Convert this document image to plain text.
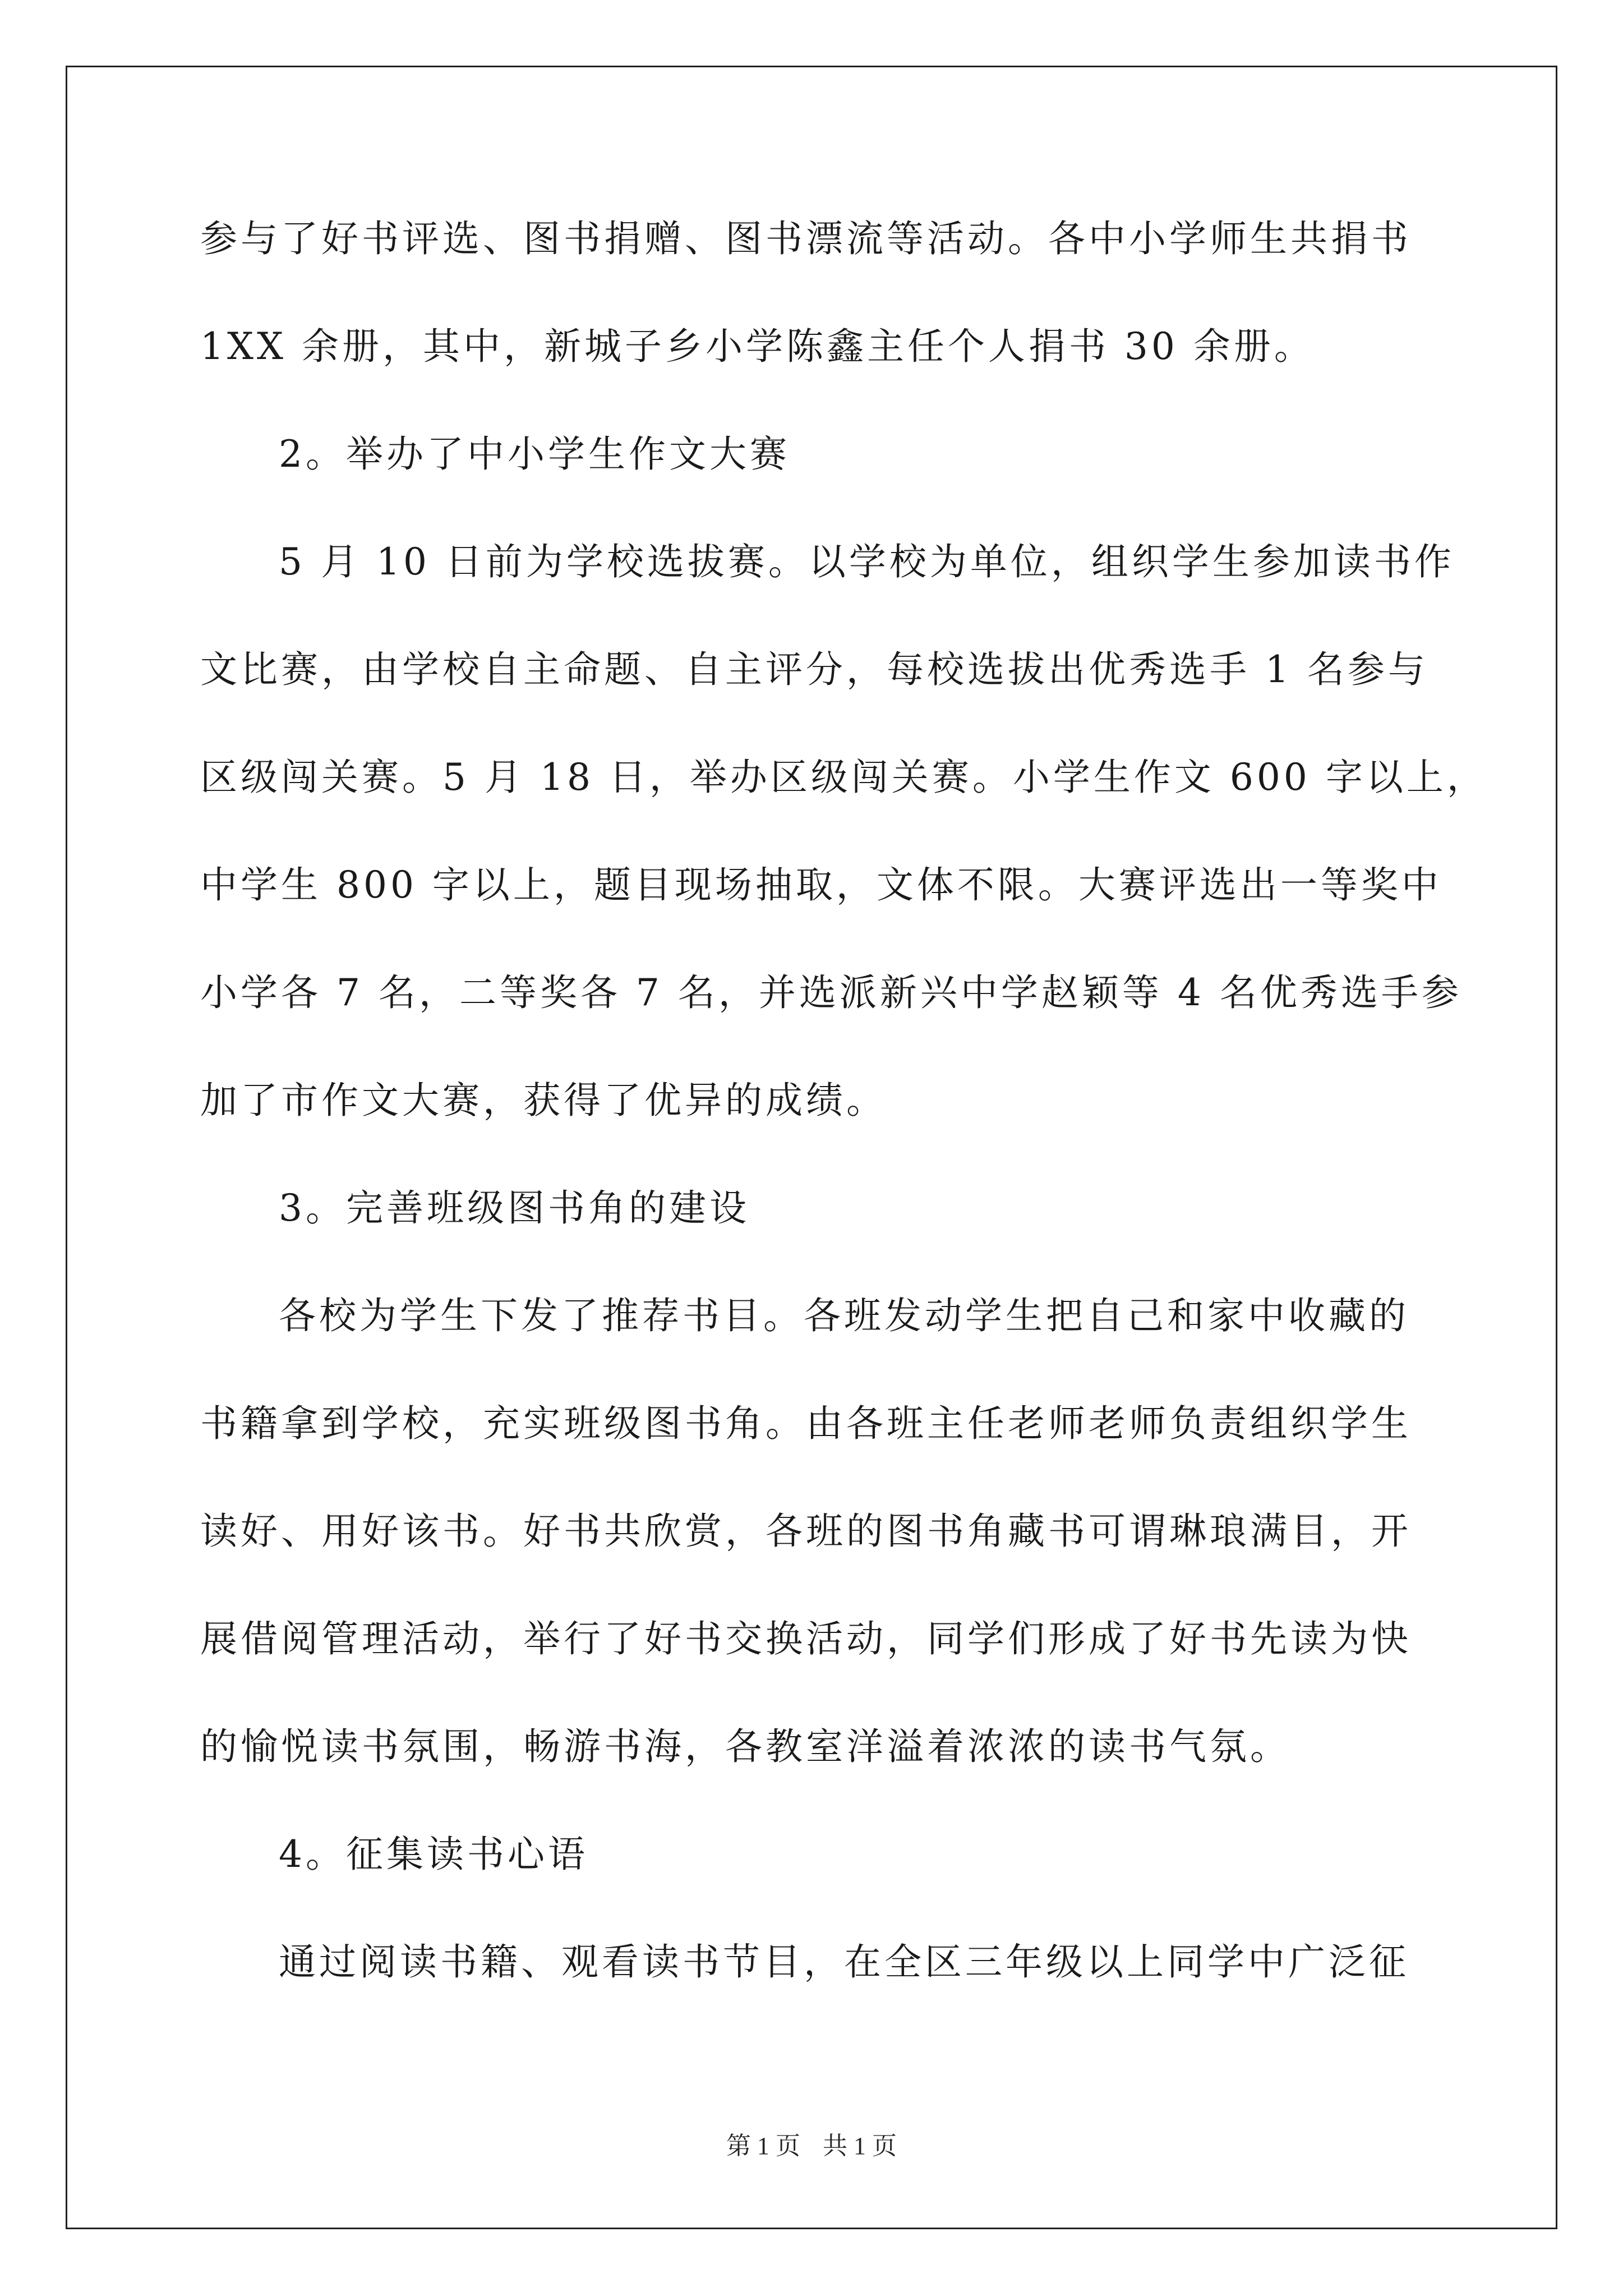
参与了好书评选、图书捐赠、图书漂流等活动。各中小学师生共捐书
1XX 余册，其中，新城子乡小学陈鑫主任个人捐书 30 余册。
2。举办了中小学生作文大赛
5 月 10 日前为学校选拔赛。以学校为单位，组织学生参加读书作
文比赛，由学校自主命题、自主评分，每校选拔出优秀选手 1 名参与
区级闯关赛。5 月 18 日，举办区级闯关赛。小学生作文 600 字以上，
中学生 800 字以上，题目现场抽取，文体不限。大赛评选出一等奖中
小学各 7 名，二等奖各 7 名，并选派新兴中学赵颖等 4 名优秀选手参
加了市作文大赛，获得了优异的成绩。
3。完善班级图书角的建设
各校为学生下发了推荐书目。各班发动学生把自己和家中收藏的
书籍拿到学校，充实班级图书角。由各班主任老师老师负责组织学生
读好、用好该书。好书共欣赏，各班的图书角藏书可谓琳琅满目，开
展借阅管理活动，举行了好书交换活动，同学们形成了好书先读为快
的愉悦读书氛围，畅游书海，各教室洋溢着浓浓的读书气氛。
4。征集读书心语
通过阅读书籍、观看读书节目，在全区三年级以上同学中广泛征
第 1 页 共 1 页
